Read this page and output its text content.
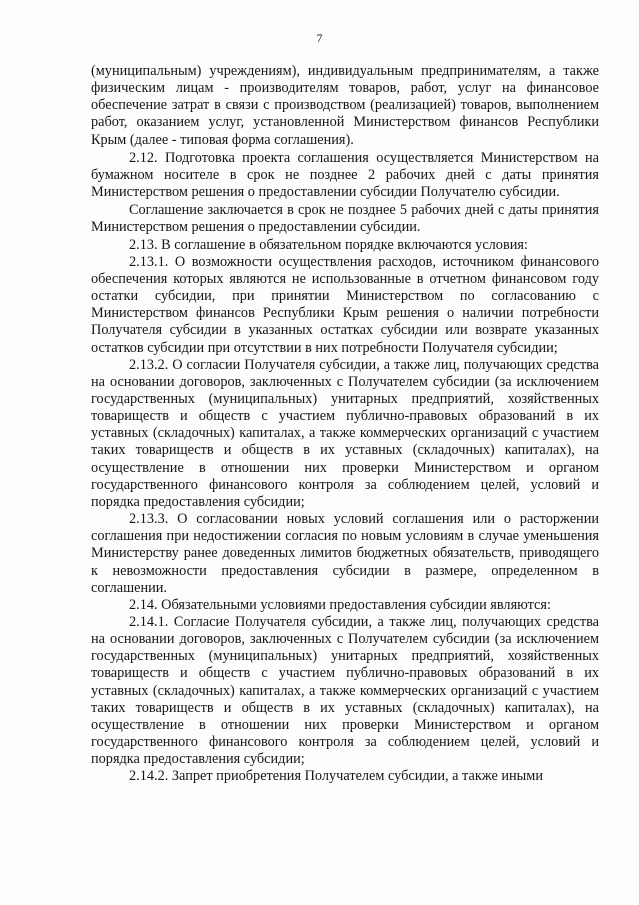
7

(муниципальным) учреждениям), индивидуальным предпринимателям, а также физическим лицам - производителям товаров, работ, услуг на финансовое обеспечение затрат в связи с производством (реализацией) товаров, выполнением работ, оказанием услуг, установленной Министерством финансов Республики Крым (далее - типовая форма соглашения).

2.12. Подготовка проекта соглашения осуществляется Министерством на бумажном носителе в срок не позднее 2 рабочих дней с даты принятия Министерством решения о предоставлении субсидии Получателю субсидии.

Соглашение заключается в срок не позднее 5 рабочих дней с даты принятия Министерством решения о предоставлении субсидии.

2.13. В соглашение в обязательном порядке включаются условия:

2.13.1. О возможности осуществления расходов, источником финансового обеспечения которых являются не использованные в отчетном финансовом году остатки субсидии, при принятии Министерством по согласованию с Министерством финансов Республики Крым решения о наличии потребности Получателя субсидии в указанных остатках субсидии или возврате указанных остатков субсидии при отсутствии в них потребности Получателя субсидии;

2.13.2. О согласии Получателя субсидии, а также лиц, получающих средства на основании договоров, заключенных с Получателем субсидии (за исключением государственных (муниципальных) унитарных предприятий, хозяйственных товариществ и обществ с участием публично-правовых образований в их уставных (складочных) капиталах, а также коммерческих организаций с участием таких товариществ и обществ в их уставных (складочных) капиталах), на осуществление в отношении них проверки Министерством и органом государственного финансового контроля за соблюдением целей, условий и порядка предоставления субсидии;

2.13.3. О согласовании новых условий соглашения или о расторжении соглашения при недостижении согласия по новым условиям в случае уменьшения Министерству ранее доведенных лимитов бюджетных обязательств, приводящего к невозможности предоставления субсидии в размере, определенном в соглашении.

2.14. Обязательными условиями предоставления субсидии являются:

2.14.1. Согласие Получателя субсидии, а также лиц, получающих средства на основании договоров, заключенных с Получателем субсидии (за исключением государственных (муниципальных) унитарных предприятий, хозяйственных товариществ и обществ с участием публично-правовых образований в их уставных (складочных) капиталах, а также коммерческих организаций с участием таких товариществ и обществ в их уставных (складочных) капиталах), на осуществление в отношении них проверки Министерством и органом государственного финансового контроля за соблюдением целей, условий и порядка предоставления субсидии;

2.14.2. Запрет приобретения Получателем субсидии, а также иными
